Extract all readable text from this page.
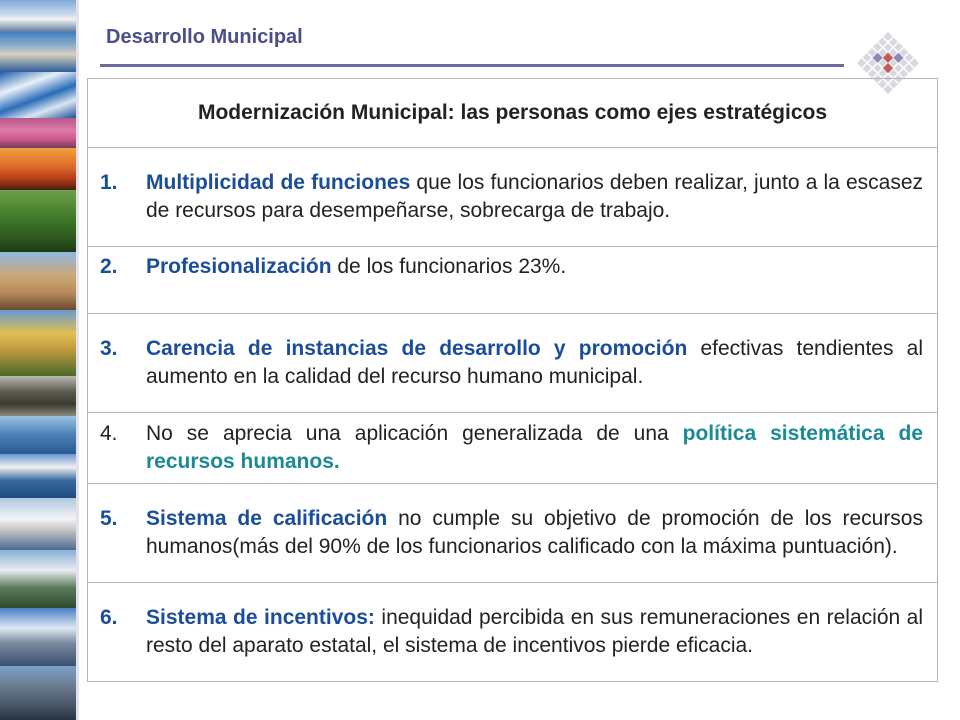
Desarrollo Municipal
Modernización Municipal: las personas como ejes estratégicos

1.	Multiplicidad de funciones que los funcionarios deben realizar, junto a la escasez de recursos para desempeñarse, sobrecarga de trabajo.

2.	Profesionalización de los funcionarios 23%.

3.	Carencia de instancias de desarrollo y promoción efectivas tendientes al aumento en la calidad del recurso humano municipal.

4.	No se aprecia una aplicación generalizada de una política sistemática de recursos humanos.

5.	Sistema de calificación no cumple su objetivo de promoción de los recursos humanos(más del 90% de los funcionarios calificado con la máxima puntuación).

6.	Sistema de incentivos: inequidad percibida en sus remuneraciones en relación al resto del aparato estatal, el sistema de incentivos pierde eficacia.
